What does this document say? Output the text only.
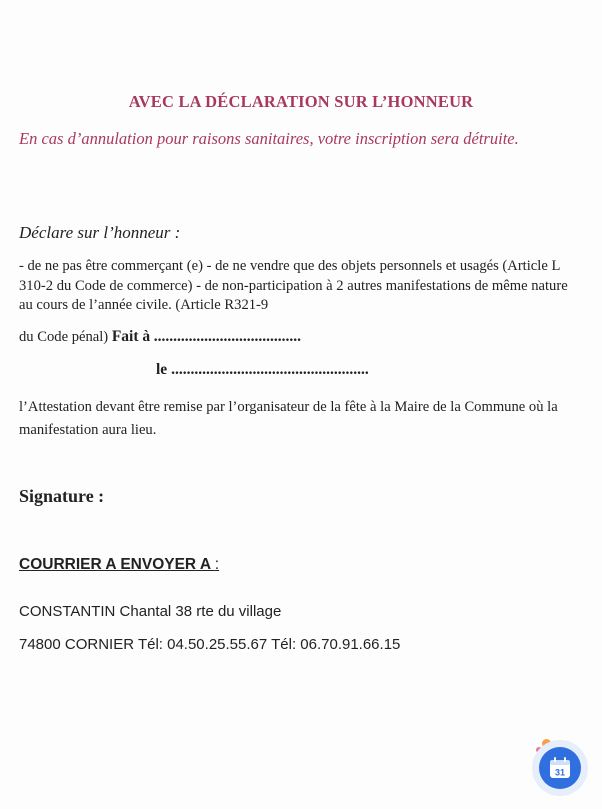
AVEC LA DÉCLARATION SUR L’HONNEUR
En cas d’annulation pour raisons sanitaires, votre inscription sera détruite.
Déclare sur l’honneur :
- de ne pas être commerçant (e) - de ne vendre que des objets personnels et usagés (Article L 310-2 du Code de commerce) - de non-participation à 2 autres manifestations de même nature au cours de l’année civile. (Article R321-9
du Code pénal) Fait à ......................................
le ...................................................
l’Attestation devant être remise par l’organisateur de la fête à la Maire de la Commune où la manifestation aura lieu.
Signature :
COURRIER A ENVOYER A :
CONSTANTIN Chantal 38 rte du village
74800 CORNIER Tél: 04.50.25.55.67 Tél: 06.70.91.66.15
31
